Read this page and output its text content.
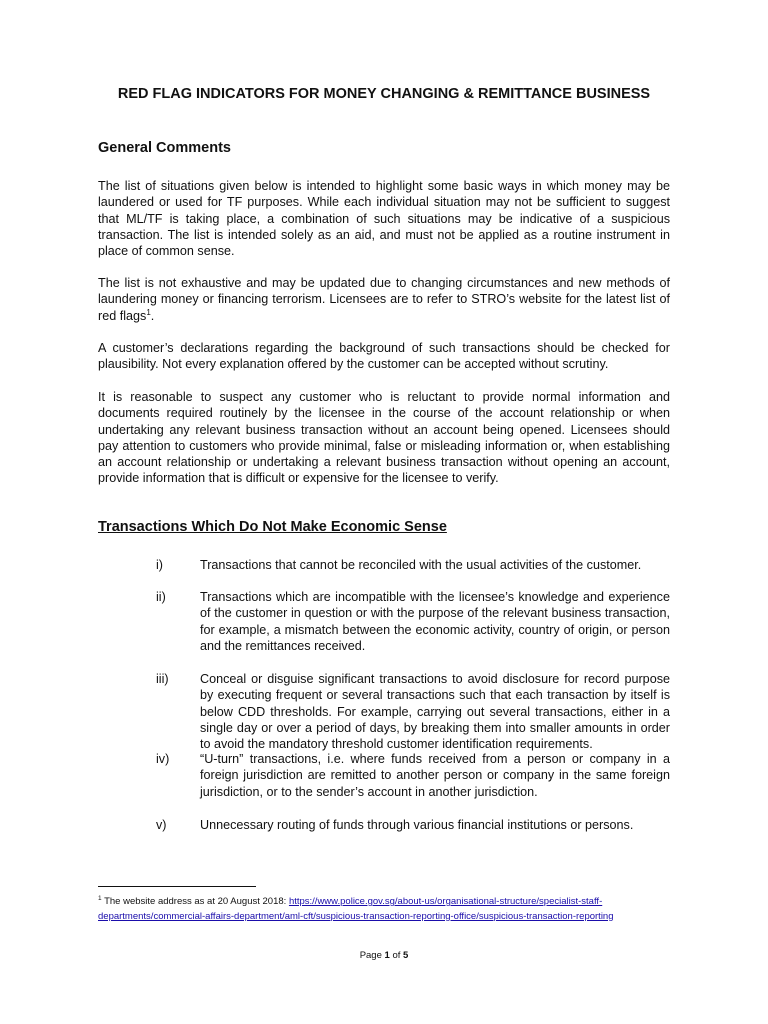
RED FLAG INDICATORS FOR MONEY CHANGING & REMITTANCE BUSINESS
General Comments
The list of situations given below is intended to highlight some basic ways in which money may be laundered or used for TF purposes. While each individual situation may not be sufficient to suggest that ML/TF is taking place, a combination of such situations may be indicative of a suspicious transaction. The list is intended solely as an aid, and must not be applied as a routine instrument in place of common sense.
The list is not exhaustive and may be updated due to changing circumstances and new methods of laundering money or financing terrorism. Licensees are to refer to STRO’s website for the latest list of red flags$^1$.
A customer’s declarations regarding the background of such transactions should be checked for plausibility. Not every explanation offered by the customer can be accepted without scrutiny.
It is reasonable to suspect any customer who is reluctant to provide normal information and documents required routinely by the licensee in the course of the account relationship or when undertaking any relevant business transaction without an account being opened. Licensees should pay attention to customers who provide minimal, false or misleading information or, when establishing an account relationship or undertaking a relevant business transaction without opening an account, provide information that is difficult or expensive for the licensee to verify.
Transactions Which Do Not Make Economic Sense
i)	Transactions that cannot be reconciled with the usual activities of the customer.
ii)	Transactions which are incompatible with the licensee’s knowledge and experience of the customer in question or with the purpose of the relevant business transaction, for example, a mismatch between the economic activity, country of origin, or person and the remittances received.
iii)	Conceal or disguise significant transactions to avoid disclosure for record purpose by executing frequent or several transactions such that each transaction by itself is below CDD thresholds. For example, carrying out several transactions, either in a single day or over a period of days, by breaking them into smaller amounts in order to avoid the mandatory threshold customer identification requirements.
iv)	“U-turn” transactions, i.e. where funds received from a person or company in a foreign jurisdiction are remitted to another person or company in the same foreign jurisdiction, or to the sender’s account in another jurisdiction.
v)	Unnecessary routing of funds through various financial institutions or persons.
$^1$ The website address as at 20 August 2018: https://www.police.gov.sg/about-us/organisational-structure/specialist-staff-departments/commercial-affairs-department/aml-cft/suspicious-transaction-reporting-office/suspicious-transaction-reporting
Page 1 of 5
